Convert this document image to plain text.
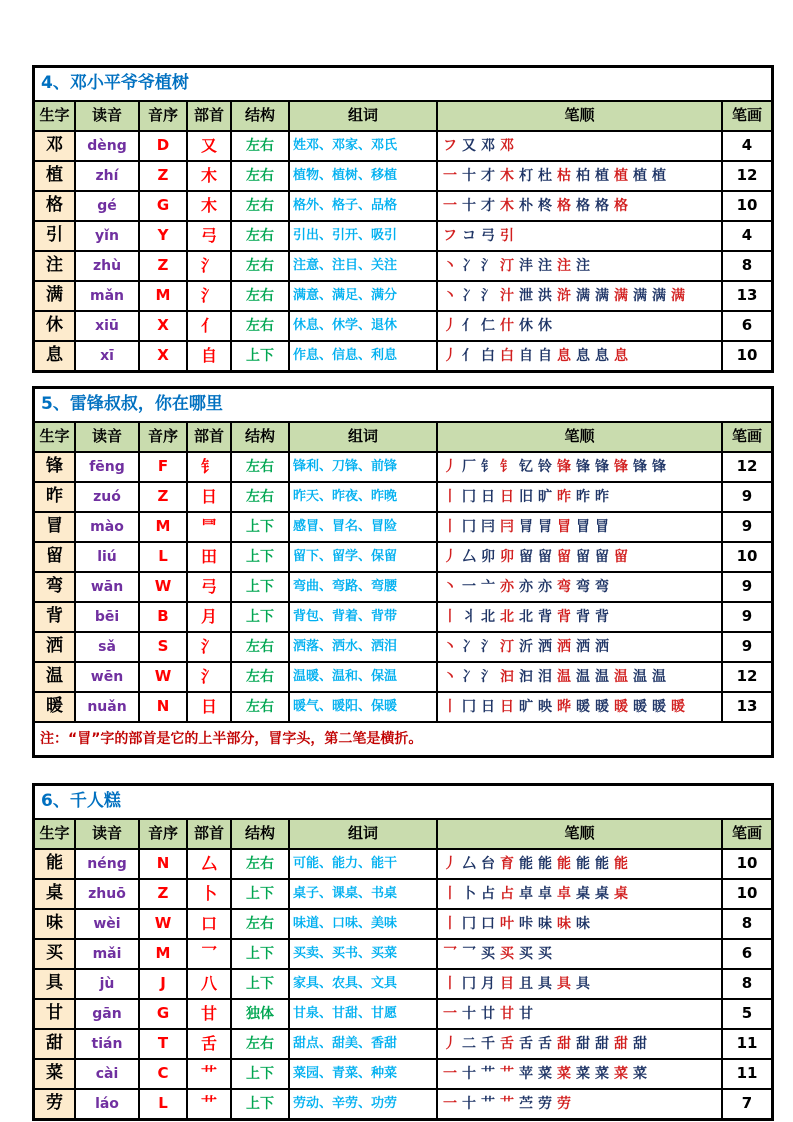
4、邓小平爷爷植树
生字	读音	音序	部首	结构	组词	笔顺	笔画
邓	dèng	D	又	左右	姓邓、邓家、邓氏	フ 又 邓 邓	4
植	zhí	Z	木	左右	植物、植树、移植	一 十 才 木 朾 杜 枯 柏 植 植 植 植	12
格	gé	G	木	左右	格外、格子、品格	一 十 才 木 朴 柊 格 格 格 格	10
引	yǐn	Y	弓	左右	引出、引开、吸引	フ コ 弓 引	4
注	zhù	Z	氵	左右	注意、注目、关注	丶 冫 氵 汀 沣 注 注 注	8
满	mǎn	M	氵	左右	满意、满足、满分	丶 冫 氵 汁 泄 洪 浒 满 满 满 满 满 满	13
休	xiū	X	亻	左右	休息、休学、退休	丿 亻 仁 什 休 休	6
息	xī	X	自	上下	作息、信息、利息	丿 亻 白 白 自 自 息 息 息 息	10
5、雷锋叔叔，你在哪里
生字	读音	音序	部首	结构	组词	笔顺	笔画
锋	fēng	F	钅	左右	锋利、刀锋、前锋	丿 厂 钅 钅 钇 铃 锋 锋 锋 锋 锋 锋	12
昨	zuó	Z	日	左右	昨天、昨夜、昨晚	丨 冂 日 日 旧 旷 昨 昨 昨	9
冒	mào	M	⺜	上下	感冒、冒名、冒险	丨 冂 冃 冃 冐 冐 冒 冒 冒	9
留	liú	L	田	上下	留下、留学、保留	丿 厶 卯 卯 留 留 留 留 留 留	10
弯	wān	W	弓	上下	弯曲、弯路、弯腰	丶 一 亠 亦 亦 亦 弯 弯 弯	9
背	bēi	B	月	上下	背包、背着、背带	丨 丬 北 北 北 背 背 背 背	9
洒	sǎ	S	氵	左右	洒落、洒水、洒泪	丶 冫 氵 汀 沂 洒 洒 洒 洒	9
温	wēn	W	氵	左右	温暖、温和、保温	丶 冫 氵 汩 汩 泪 温 温 温 温 温 温	12
暖	nuǎn	N	日	左右	暖气、暖阳、保暖	丨 冂 日 日 旷 映 晔 暖 暖 暖 暖 暖 暖	13
注：“冒”字的部首是它的上半部分，冒字头，第二笔是横折。
6、千人糕
生字	读音	音序	部首	结构	组词	笔顺	笔画
能	néng	N	厶	左右	可能、能力、能干	丿 厶 台 育 能 能 能 能 能 能	10
桌	zhuō	Z	卜	上下	桌子、课桌、书桌	丨 卜 占 占 卓 卓 卓 桌 桌 桌	10
味	wèi	W	口	左右	味道、口味、美味	丨 冂 口 叶 咔 味 味 味	8
买	mǎi	M	乛	上下	买卖、买书、买菜	乛 乛 买 买 买 买	6
具	jù	J	八	上下	家具、农具、文具	丨 冂 月 目 且 具 具 具	8
甘	gān	G	甘	独体	甘泉、甘甜、甘愿	一 十 廿 甘 甘	5
甜	tián	T	舌	左右	甜点、甜美、香甜	丿 二 千 舌 舌 舌 甜 甜 甜 甜 甜	11
菜	cài	C	艹	上下	菜园、青菜、种菜	一 十 艹 艹 苹 菜 菜 菜 菜 菜 菜	11
劳	láo	L	艹	上下	劳动、辛劳、功劳	一 十 艹 艹 苎 劳 劳	7
